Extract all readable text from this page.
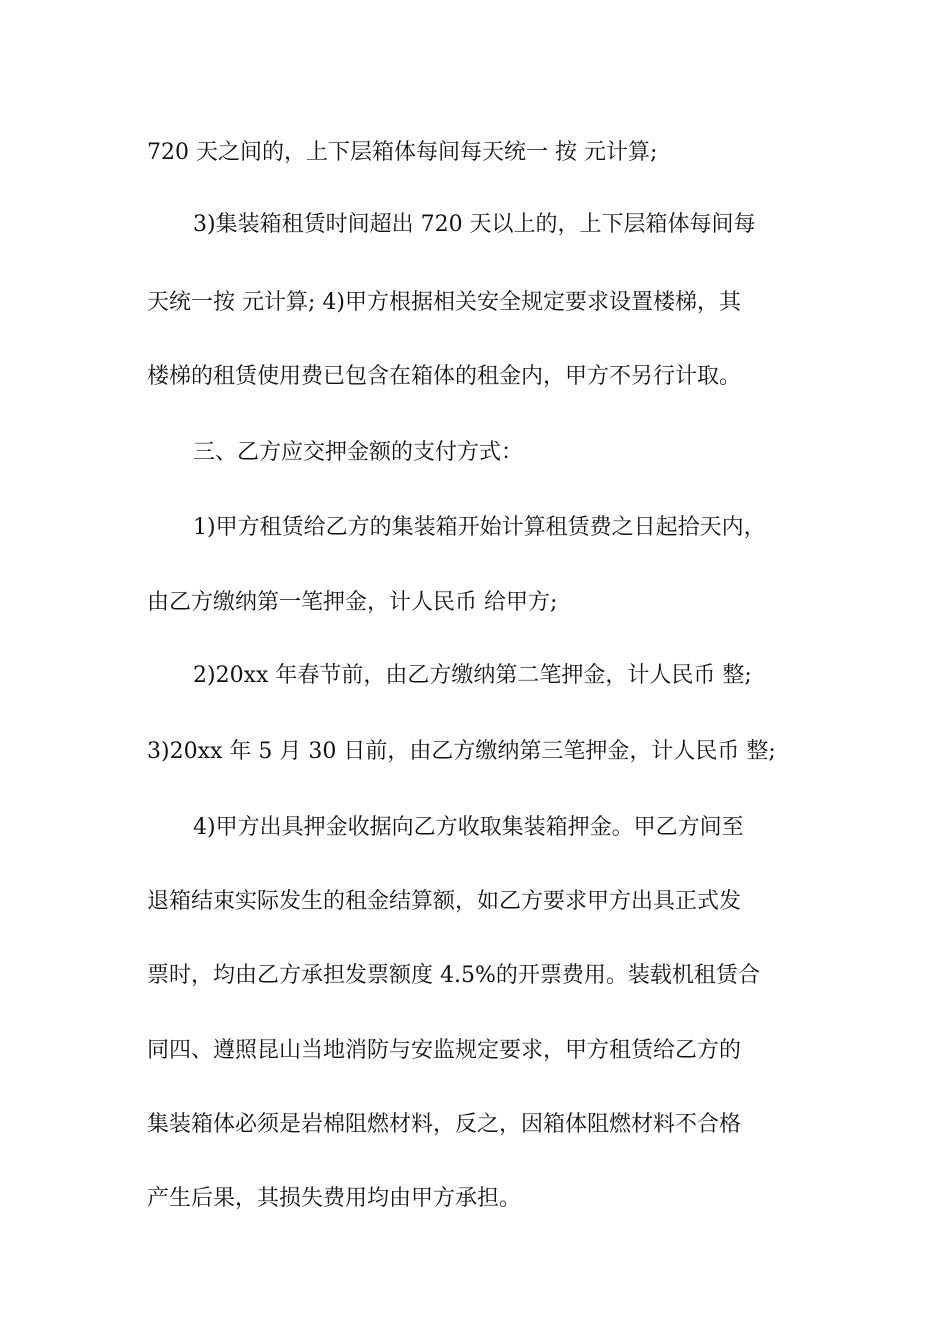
720 天之间的，上下层箱体每间每天统一 按 元计算;

3)集装箱租赁时间超出 720 天以上的，上下层箱体每间每

天统一按 元计算; 4)甲方根据相关安全规定要求设置楼梯，其

楼梯的租赁使用费已包含在箱体的租金内，甲方不另行计取。

三、乙方应交押金额的支付方式：

1)甲方租赁给乙方的集装箱开始计算租赁费之日起拾天内，

由乙方缴纳第一笔押金，计人民币 给甲方;

2)20xx 年春节前，由乙方缴纳第二笔押金，计人民币 整;

3)20xx 年 5 月 30 日前，由乙方缴纳第三笔押金，计人民币 整;

4)甲方出具押金收据向乙方收取集装箱押金。甲乙方间至

退箱结束实际发生的租金结算额，如乙方要求甲方出具正式发

票时，均由乙方承担发票额度 4.5%的开票费用。装载机租赁合

同四、遵照昆山当地消防与安监规定要求，甲方租赁给乙方的

集装箱体必须是岩棉阻燃材料，反之，因箱体阻燃材料不合格

产生后果，其损失费用均由甲方承担。
